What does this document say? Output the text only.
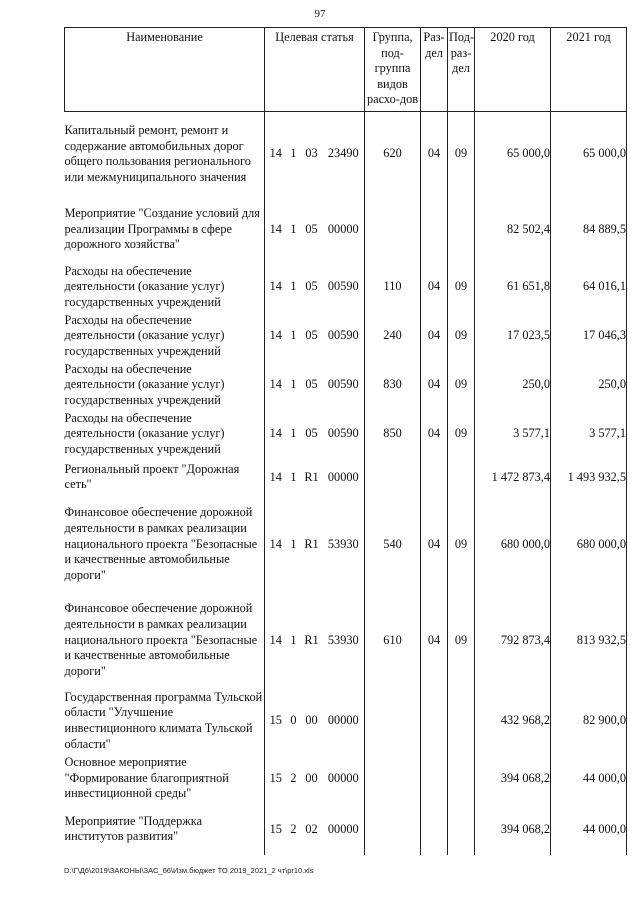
97
Наименование	Целевая статья				Группа, под-группа видов расхо-дов	Раз-дел	Под-раз-дел	2020 год	2021 год
Капитальный ремонт, ремонт и содержание автомобильных дорог общего пользования регионального или межмуниципального значения	14	1	03	23490	620	04	09	65 000,0	65 000,0
Мероприятие "Создание условий для реализации Программы в сфере дорожного хозяйства"	14	1	05	00000				82 502,4	84 889,5
Расходы на обеспечение деятельности (оказание услуг) государственных учреждений	14	1	05	00590	110	04	09	61 651,8	64 016,1
Расходы на обеспечение деятельности (оказание услуг) государственных учреждений	14	1	05	00590	240	04	09	17 023,5	17 046,3
Расходы на обеспечение деятельности (оказание услуг) государственных учреждений	14	1	05	00590	830	04	09	250,0	250,0
Расходы на обеспечение деятельности (оказание услуг) государственных учреждений	14	1	05	00590	850	04	09	3 577,1	3 577,1
Региональный проект "Дорожная сеть"	14	1	R1	00000				1 472 873,4	1 493 932,5
Финансовое обеспечение дорожной деятельности в рамках реализации национального проекта "Безопасные и качественные автомобильные дороги"	14	1	R1	53930	540	04	09	680 000,0	680 000,0
Финансовое обеспечение дорожной деятельности в рамках реализации национального проекта "Безопасные и качественные автомобильные дороги"	14	1	R1	53930	610	04	09	792 873,4	813 932,5
Государственная программа Тульской области "Улучшение инвестиционного климата Тульской области"	15	0	00	00000				432 968,2	82 900,0
Основное мероприятие "Формирование благоприятной инвестиционной среды"	15	2	00	00000				394 068,2	44 000,0
Мероприятие "Поддержка институтов развития"	15	2	02	00000				394 068,2	44 000,0
D:\Г\Д6\2019\ЗАКОНЫ\ЗАС_66\Изм.бюджет ТО 2019_2021_2 чт\pr10.xls
